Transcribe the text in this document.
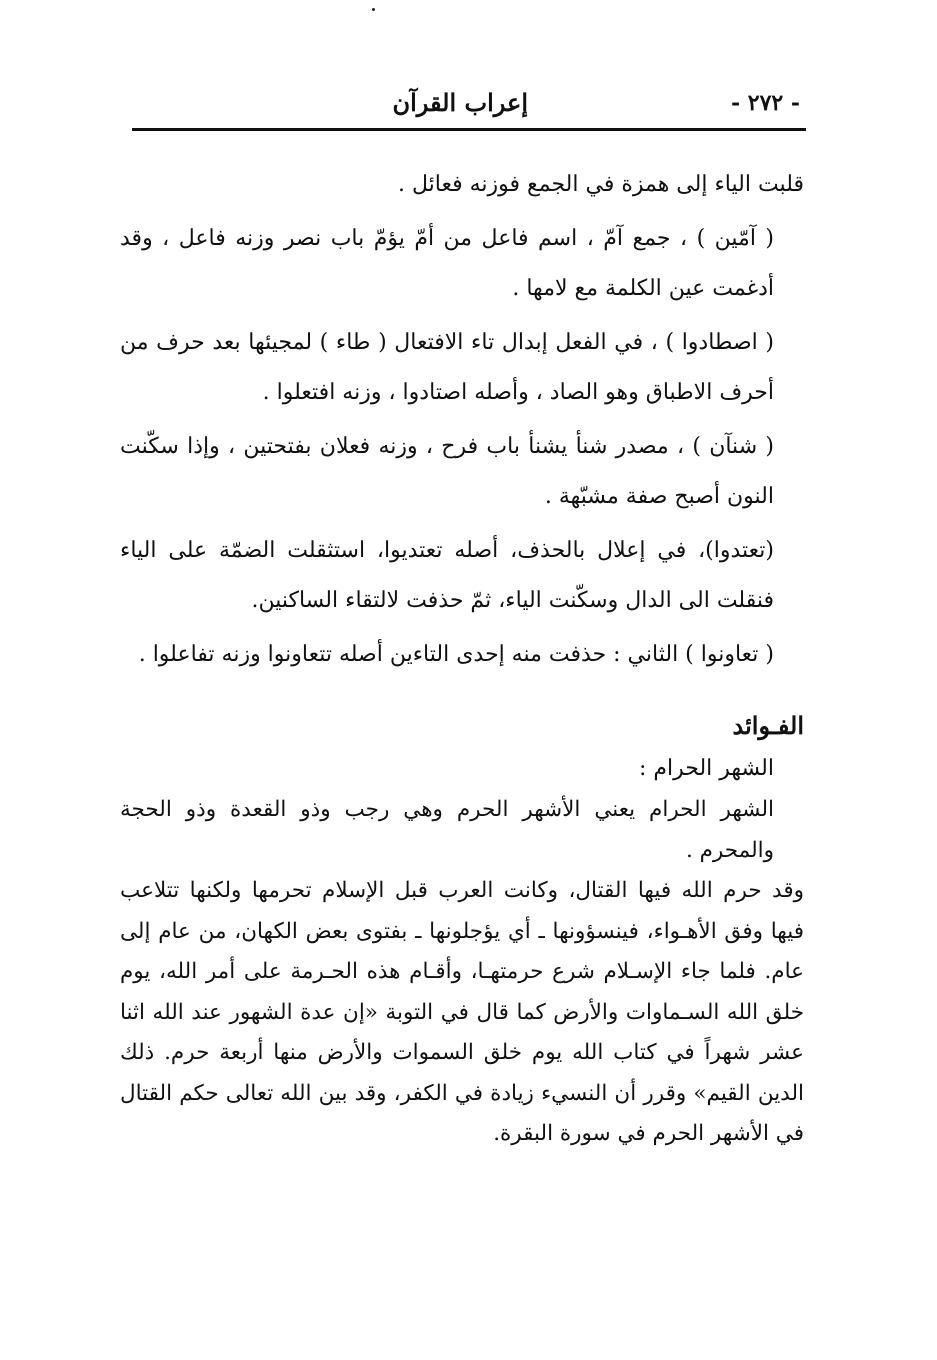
- ٢٧٢ -
إعراب القرآن

قلبت الياء إلى همزة في الجمع فوزنه فعائل .

( آمّين ) ، جمع آمّ ، اسم فاعل من أمّ يؤمّ باب نصر وزنه فاعل ، وقد أدغمت عين الكلمة مع لامها .

( اصطادوا ) ، في الفعل إبدال تاء الافتعال ( طاء ) لمجيئها بعد حرف من أحرف الاطباق وهو الصاد ، وأصله اصتادوا ، وزنه افتعلوا .

( شنآن ) ، مصدر شنأ يشنأ باب فرح ، وزنه فعلان بفتحتين ، وإذا سكّنت النون أصبح صفة مشبّهة .

(تعتدوا)، في إعلال بالحذف، أصله تعتديوا، استثقلت الضمّة على الياء فنقلت الى الدال وسكّنت الياء، ثمّ حذفت لالتقاء الساكنين.

( تعاونوا ) الثاني : حذفت منه إحدى التاءين أصله تتعاونوا وزنه تفاعلوا .

الفـوائد

الشهر الحرام :

الشهر الحرام يعني الأشهر الحرم وهي رجب وذو القعدة وذو الحجة والمحرم .

وقد حرم الله فيها القتال، وكانت العرب قبل الإسلام تحرمها ولكنها تتلاعب فيها وفق الأهـواء، فينسؤونها ـ أي يؤجلونها ـ بفتوى بعض الكهان، من عام إلى عام. فلما جاء الإسـلام شرع حرمتهـا، وأقـام هذه الحـرمة على أمر الله، يوم خلق الله السـماوات والأرض كما قال في التوبة «إن عدة الشهور عند الله اثنا عشر شهراً في كتاب الله يوم خلق السموات والأرض منها أربعة حرم. ذلك الدين القيم» وقرر أن النسيء زيادة في الكفر، وقد بين الله تعالى حكم القتال في الأشهر الحرم في سورة البقرة.
